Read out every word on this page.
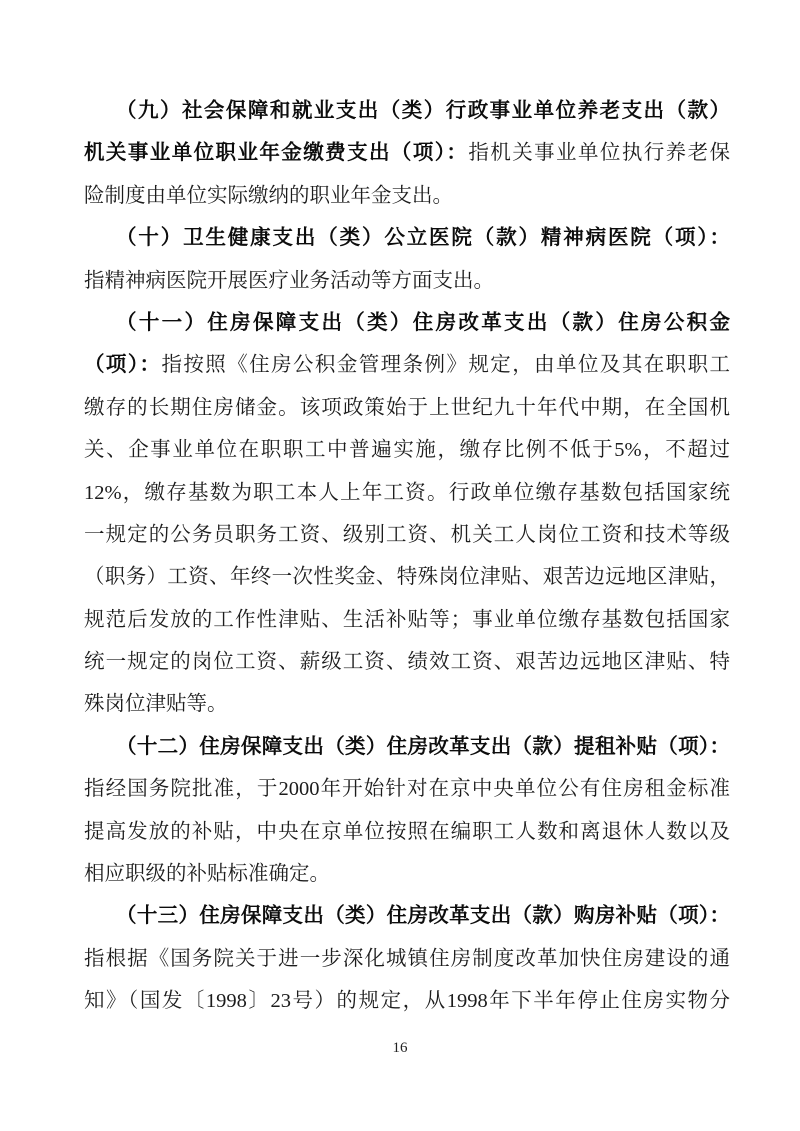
（九）社会保障和就业支出（类）行政事业单位养老支出（款）
机关事业单位职业年金缴费支出（项）：指机关事业单位执行养老保
险制度由单位实际缴纳的职业年金支出。
（十）卫生健康支出（类）公立医院（款）精神病医院（项）：
指精神病医院开展医疗业务活动等方面支出。
（十一）住房保障支出（类）住房改革支出（款）住房公积金
（项）：指按照《住房公积金管理条例》规定，由单位及其在职职工
缴存的长期住房储金。该项政策始于上世纪九十年代中期，在全国机
关、企事业单位在职职工中普遍实施，缴存比例不低于5%，不超过
12%，缴存基数为职工本人上年工资。行政单位缴存基数包括国家统
一规定的公务员职务工资、级别工资、机关工人岗位工资和技术等级
（职务）工资、年终一次性奖金、特殊岗位津贴、艰苦边远地区津贴，
规范后发放的工作性津贴、生活补贴等；事业单位缴存基数包括国家
统一规定的岗位工资、薪级工资、绩效工资、艰苦边远地区津贴、特
殊岗位津贴等。
（十二）住房保障支出（类）住房改革支出（款）提租补贴（项）：
指经国务院批准，于2000年开始针对在京中央单位公有住房租金标准
提高发放的补贴，中央在京单位按照在编职工人数和离退休人数以及
相应职级的补贴标准确定。
（十三）住房保障支出（类）住房改革支出（款）购房补贴（项）：
指根据《国务院关于进一步深化城镇住房制度改革加快住房建设的通
知》（国发〔1998〕23号）的规定，从1998年下半年停止住房实物分
16
